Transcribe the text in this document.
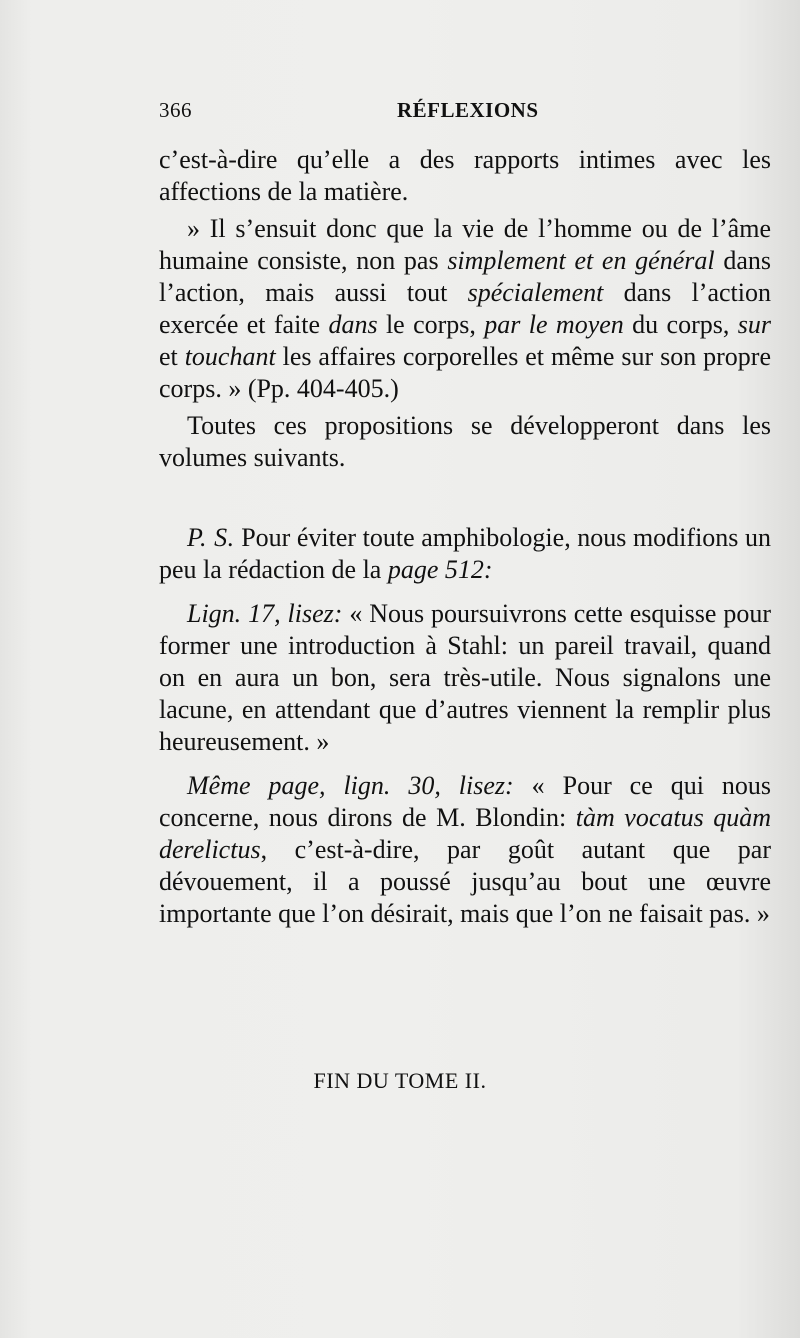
366	RÉFLEXIONS

c’est-à-dire qu’elle a des rapports intimes avec les affections de la matière.

» Il s’ensuit donc que la vie de l’homme ou de l’âme humaine consiste, non pas simplement et en général dans l’action, mais aussi tout spécialement dans l’action exercée et faite dans le corps, par le moyen du corps, sur et touchant les affaires corporelles et même sur son propre corps. » (Pp. 404-405.)

Toutes ces propositions se développeront dans les volumes suivants.

P. S. Pour éviter toute amphibologie, nous modifions un peu la rédaction de la page 512:

Lign. 17, lisez: « Nous poursuivrons cette esquisse pour former une introduction à Stahl: un pareil travail, quand on en aura un bon, sera très-utile. Nous signalons une lacune, en attendant que d’autres viennent la remplir plus heureusement. »

Même page, lign. 30, lisez: « Pour ce qui nous concerne, nous dirons de M. Blondin: tàm vocatus quàm derelictus, c’est-à-dire, par goût autant que par dévouement, il a poussé jusqu’au bout une œuvre importante que l’on désirait, mais que l’on ne faisait pas. »

FIN DU TOME II.
